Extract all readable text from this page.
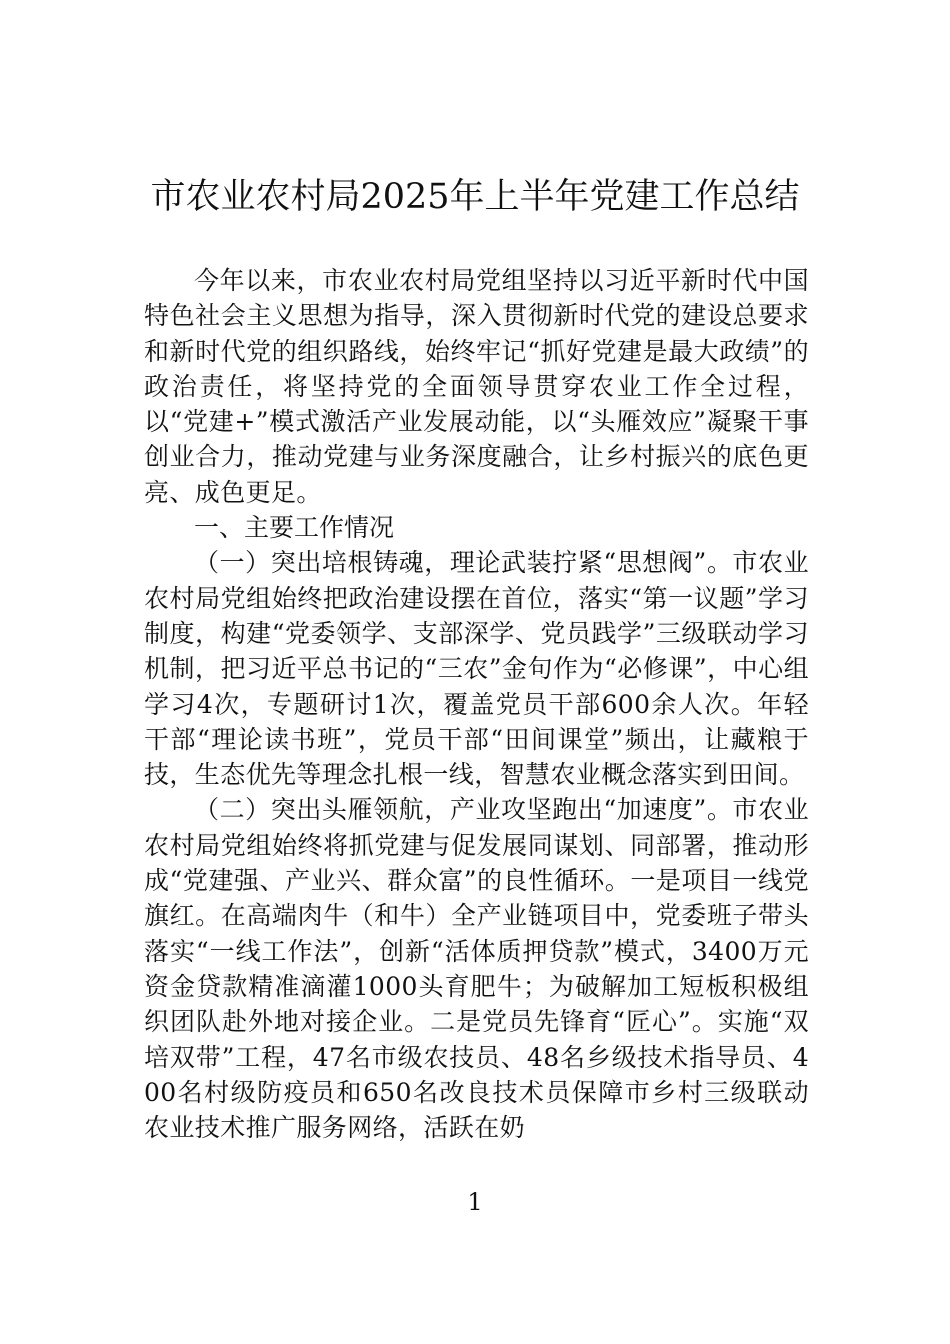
市农业农村局2025年上半年党建工作总结

今年以来，市农业农村局党组坚持以习近平新时代中国特色社会主义思想为指导，深入贯彻新时代党的建设总要求和新时代党的组织路线，始终牢记“抓好党建是最大政绩”的政治责任，将坚持党的全面领导贯穿农业工作全过程，以“党建+”模式激活产业发展动能，以“头雁效应”凝聚干事创业合力，推动党建与业务深度融合，让乡村振兴的底色更亮、成色更足。

一、主要工作情况

（一）突出培根铸魂，理论武装拧紧“思想阀”。市农业农村局党组始终把政治建设摆在首位，落实“第一议题”学习制度，构建“党委领学、支部深学、党员践学”三级联动学习机制，把习近平总书记的“三农”金句作为“必修课”，中心组学习4次，专题研讨1次，覆盖党员干部600余人次。年轻干部“理论读书班”，党员干部“田间课堂”频出，让藏粮于技，生态优先等理念扎根一线，智慧农业概念落实到田间。

（二）突出头雁领航，产业攻坚跑出“加速度”。市农业农村局党组始终将抓党建与促发展同谋划、同部署，推动形成“党建强、产业兴、群众富”的良性循环。一是项目一线党旗红。在高端肉牛（和牛）全产业链项目中，党委班子带头落实“一线工作法”，创新“活体质押贷款”模式，3400万元资金贷款精准滴灌1000头育肥牛；为破解加工短板积极组织团队赴外地对接企业。二是党员先锋育“匠心”。实施“双培双带”工程，47名市级农技员、48名乡级技术指导员、400名村级防疫员和650名改良技术员保障市乡村三级联动农业技术推广服务网络，活跃在奶

1
